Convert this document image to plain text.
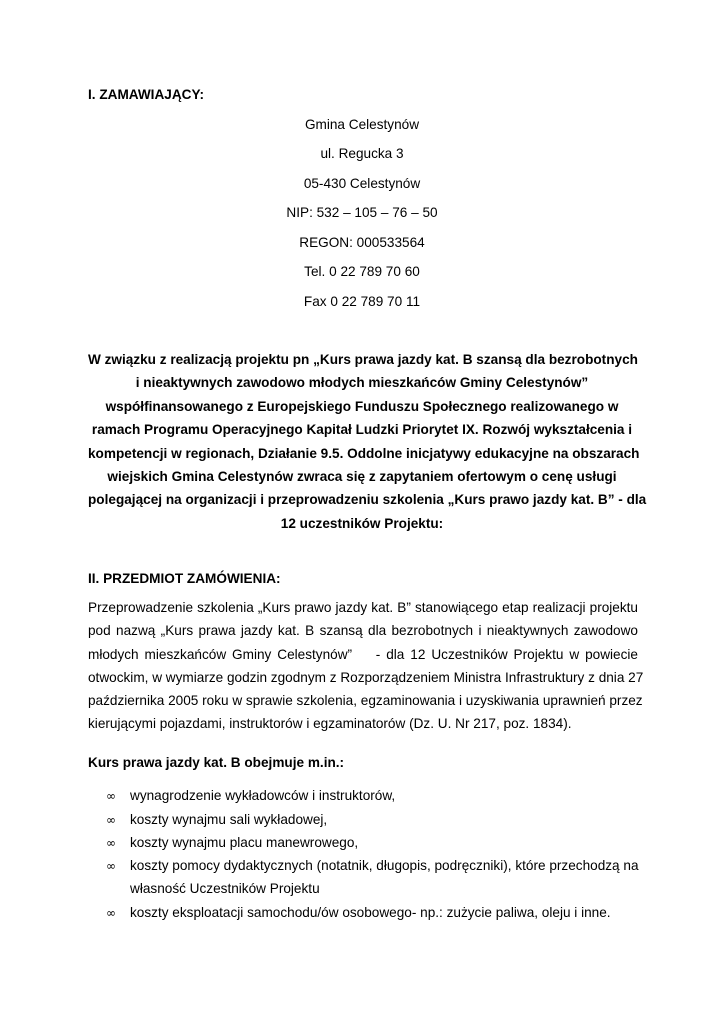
I. ZAMAWIAJĄCY:
Gmina Celestynów
ul. Regucka 3
05-430 Celestynów
NIP: 532 – 105 – 76 – 50
REGON: 000533564
Tel. 0 22 789 70 60
Fax 0 22 789 70 11
W związku z realizacją projektu pn „Kurs prawa jazdy kat. B szansą dla bezrobotnych
i nieaktywnych zawodowo młodych mieszkańców Gminy Celestynów”
współfinansowanego z Europejskiego Funduszu Społecznego realizowanego w
ramach Programu Operacyjnego Kapitał Ludzki Priorytet IX. Rozwój wykształcenia i
kompetencji w regionach, Działanie 9.5. Oddolne inicjatywy edukacyjne na obszarach
wiejskich Gmina Celestynów zwraca się z zapytaniem ofertowym o cenę usługi
polegającej na organizacji i przeprowadzeniu szkolenia „Kurs prawo jazdy kat. B” - dla
12 uczestników Projektu:
II. PRZEDMIOT ZAMÓWIENIA:
Przeprowadzenie szkolenia „Kurs prawo jazdy kat. B” stanowiącego etap realizacji projektu
pod nazwą „Kurs prawa jazdy kat. B szansą dla bezrobotnych i nieaktywnych zawodowo
młodych mieszkańców Gminy Celestynów”    - dla 12 Uczestników Projektu w powiecie
otwockim, w wymiarze godzin zgodnym z Rozporządzeniem Ministra Infrastruktury z dnia 27
października 2005 roku w sprawie szkolenia, egzaminowania i uzyskiwania uprawnień przez
kierującymi pojazdami, instruktorów i egzaminatorów (Dz. U. Nr 217, poz. 1834).
Kurs prawa jazdy kat. B obejmuje m.in.:
∞ wynagrodzenie wykładowców i instruktorów,
∞ koszty wynajmu sali wykładowej,
∞ koszty wynajmu placu manewrowego,
∞ koszty pomocy dydaktycznych (notatnik, długopis, podręczniki), które przechodzą na
własność Uczestników Projektu
∞ koszty eksploatacji samochodu/ów osobowego- np.: zużycie paliwa, oleju i inne.
